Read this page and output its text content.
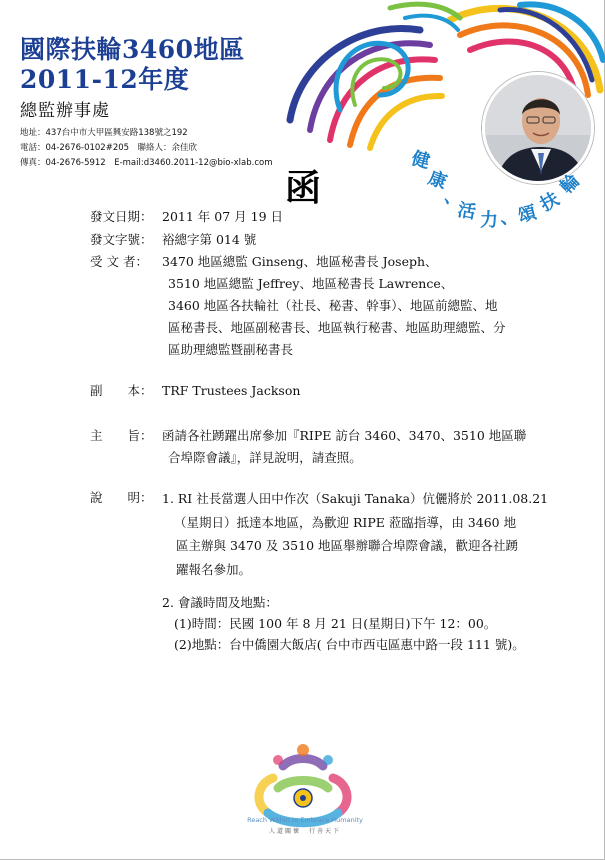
國際扶輪3460地區
2011-12年度
總監辦事處
地址：437台中市大甲區興安路138號之192
電話：04-2676-0102#205　聯絡人：余佳欣
傳真：04-2676-5912　E-mail:d3460.2011-12@bio-xlab.com	健
康
、
活 力 、
頌
扶
輪
函
發文日期： 2011 年 07 月 19 日
發文字號： 裕總字第 014 號
受 文 者： 3470 地區總監 Ginseng、地區秘書長 Joseph、

3510 地區總監 Jeffrey、地區秘書長 Lawrence、

3460 地區各扶輪社（社長、秘書、幹事）、地區前總監、地

區秘書長、地區副秘書長、地區執行秘書、地區助理總監、分

區助理總監暨副秘書長

副　　本： TRF Trustees Jackson
主　　旨： 函請各社踴躍出席參加『RIPE 訪台 3460、3470、3510 地區聯

合埠際會議』，詳見說明，請查照。

說　　明： 1. RI 社長當選人田中作次（Sakuji Tanaka）伉儷將於 2011.08.21

（星期日）抵達本地區，為歡迎 RIPE 蒞臨指導，由 3460 地

區主辦與 3470 及 3510 地區舉辦聯合埠際會議，歡迎各社踴

躍報名參加。

2. 會議時間及地點：

(1)時間：民國 100 年 8 月 21 日(星期日)下午 12：00。

(2)地點：台中僑園大飯店( 台中市西屯區惠中路一段 111 號)。

Reach Within to Embrace Humanity
人道關懷　行善天下
